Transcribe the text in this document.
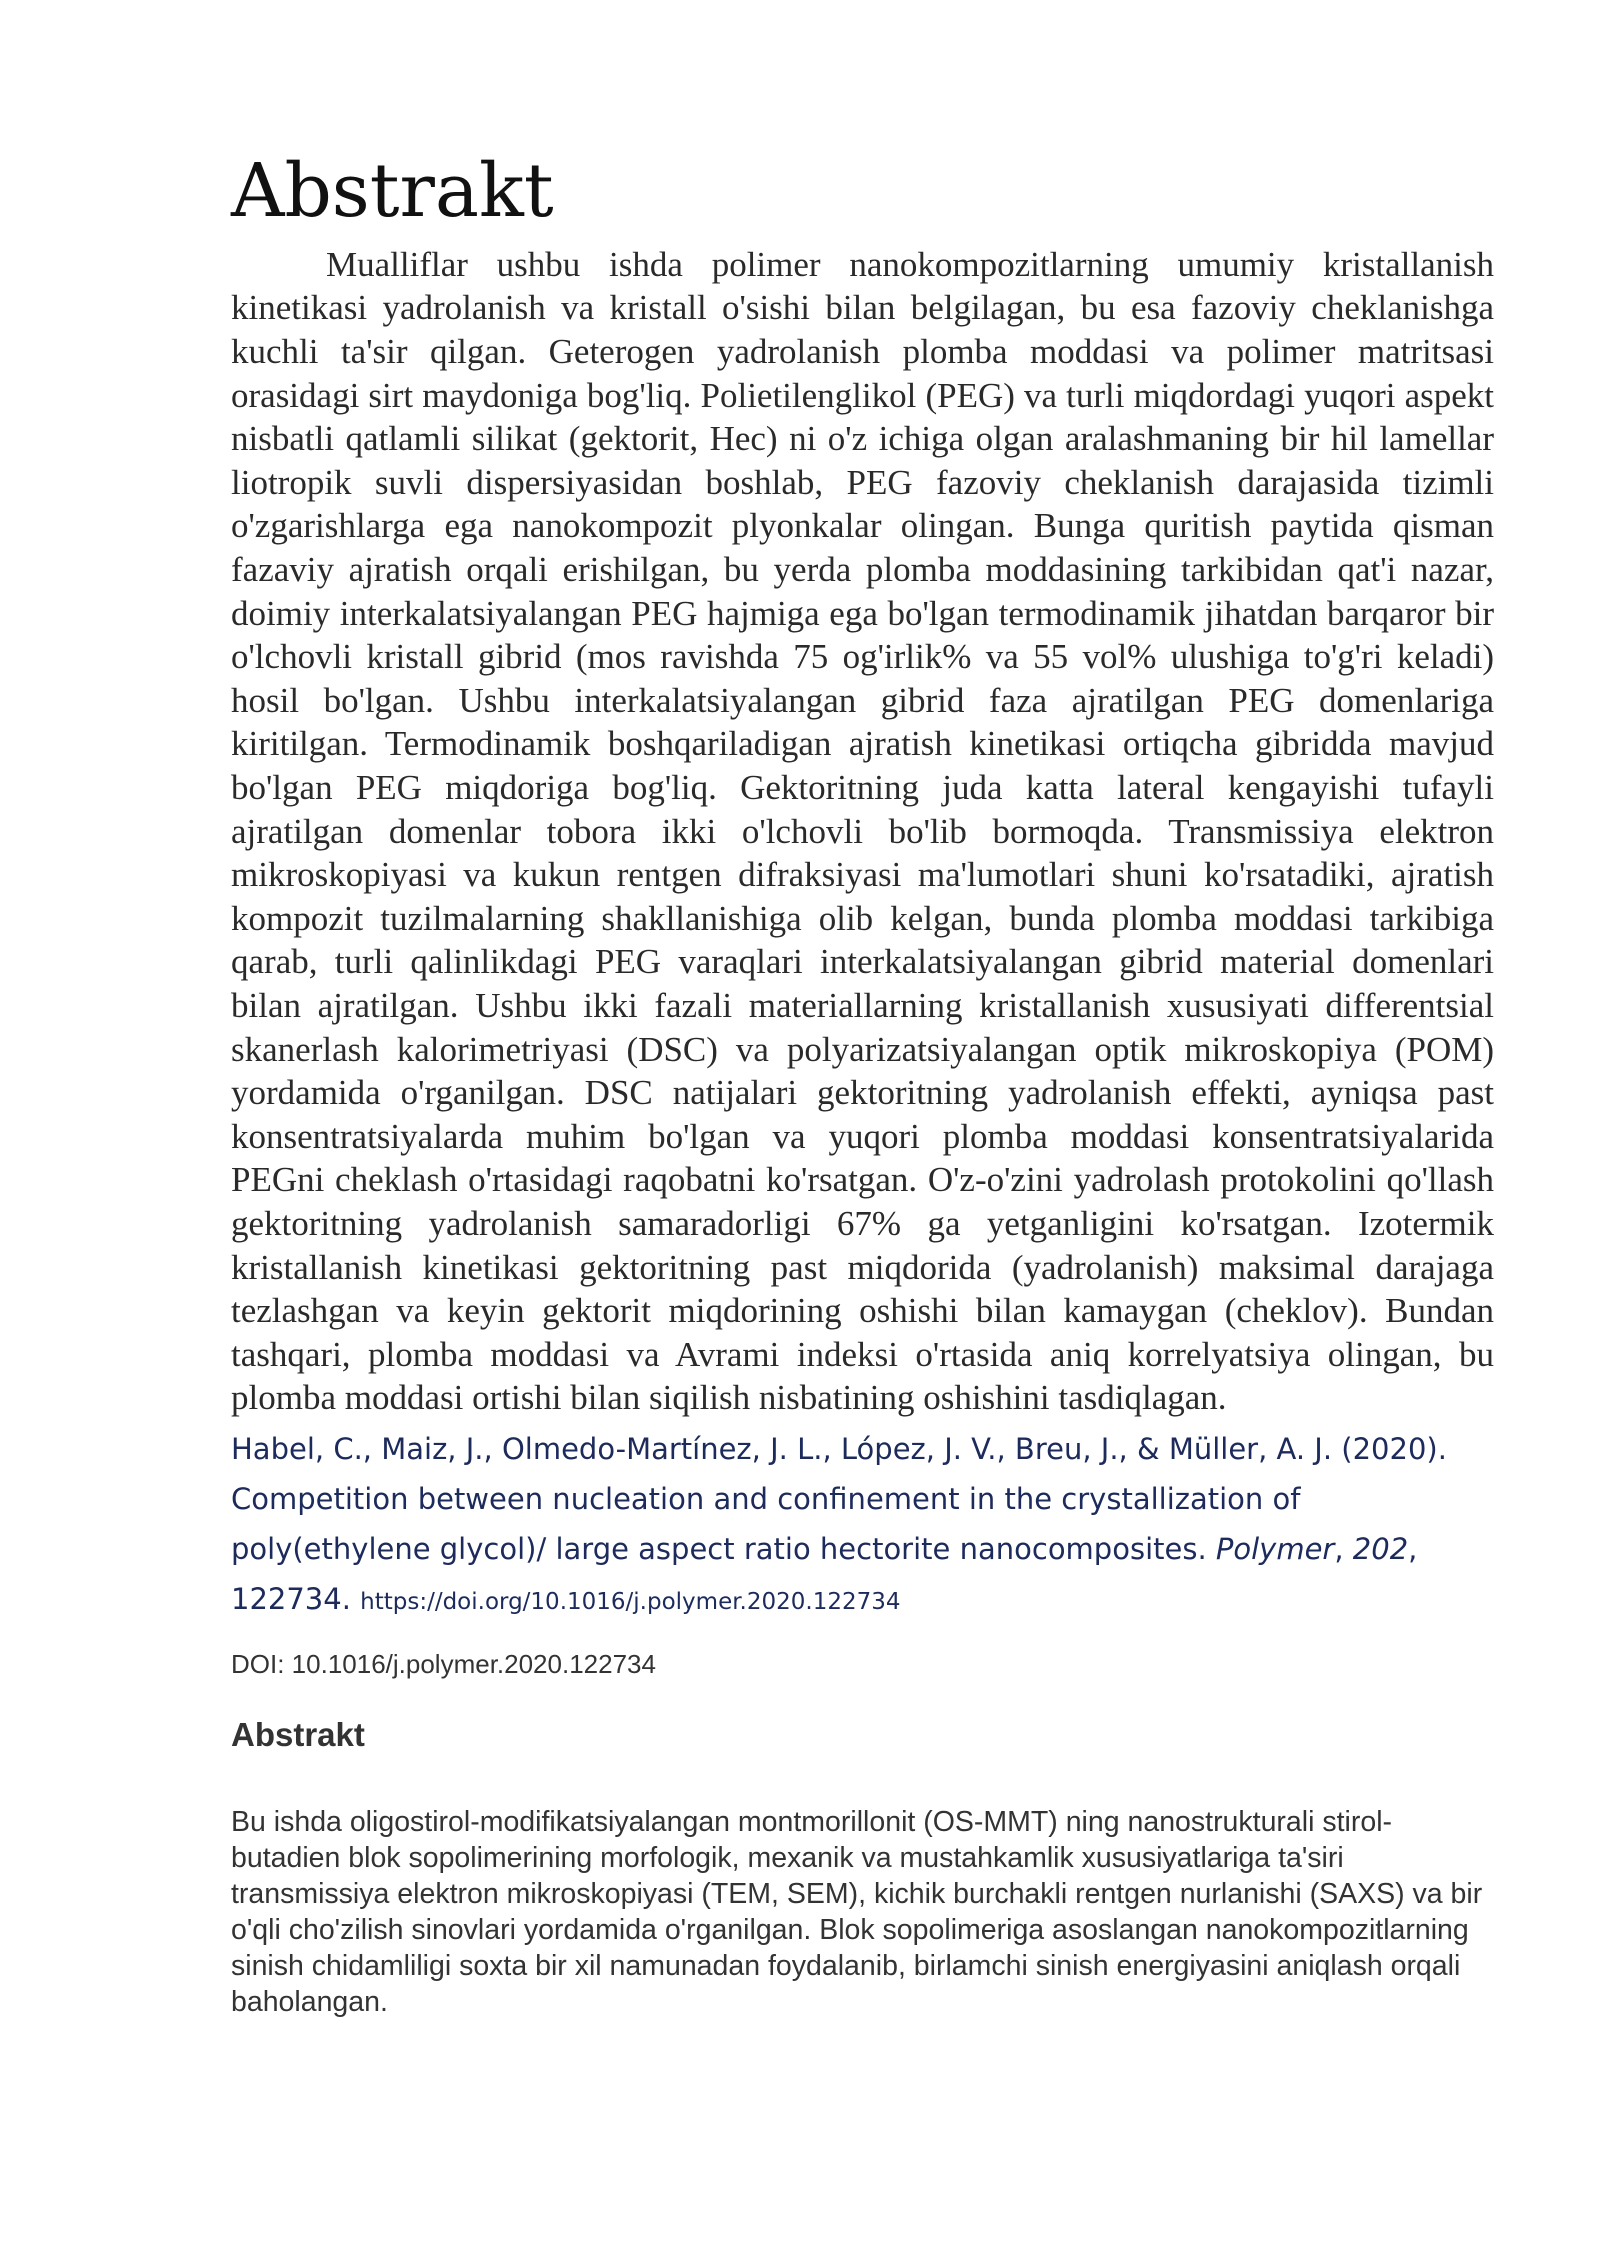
Abstrakt

Mualliflar ushbu ishda polimer nanokompozitlarning umumiy kristallanish kinetikasi yadrolanish va kristall o'sishi bilan belgilagan, bu esa fazoviy cheklanishga kuchli ta'sir qilgan. Geterogen yadrolanish plomba moddasi va polimer matritsasi orasidagi sirt maydoniga bog'liq. Polietilenglikol (PEG) va turli miqdordagi yuqori aspekt nisbatli qatlamli silikat (gektorit, Hec) ni o'z ichiga olgan aralashmaning bir hil lamellar liotropik suvli dispersiyasidan boshlab, PEG fazoviy cheklanish darajasida tizimli o'zgarishlarga ega nanokompozit plyonkalar olingan. Bunga quritish paytida qisman fazaviy ajratish orqali erishilgan, bu yerda plomba moddasining tarkibidan qat'i nazar, doimiy interkalatsiyalangan PEG hajmiga ega bo'lgan termodinamik jihatdan barqaror bir o'lchovli kristall gibrid (mos ravishda 75 og'irlik% va 55 vol% ulushiga to'g'ri keladi) hosil bo'lgan. Ushbu interkalatsiyalangan gibrid faza ajratilgan PEG domenlariga kiritilgan. Termodinamik boshqariladigan ajratish kinetikasi ortiqcha gibridda mavjud bo'lgan PEG miqdoriga bog'liq. Gektoritning juda katta lateral kengayishi tufayli ajratilgan domenlar tobora ikki o'lchovli bo'lib bormoqda. Transmissiya elektron mikroskopiyasi va kukun rentgen difraksiyasi ma'lumotlari shuni ko'rsatadiki, ajratish kompozit tuzilmalarning shakllanishiga olib kelgan, bunda plomba moddasi tarkibiga qarab, turli qalinlikdagi PEG varaqlari interkalatsiyalangan gibrid material domenlari bilan ajratilgan. Ushbu ikki fazali materiallarning kristallanish xususiyati differentsial skanerlash kalorimetriyasi (DSC) va polyarizatsiyalangan optik mikroskopiya (POM) yordamida o'rganilgan. DSC natijalari gektoritning yadrolanish effekti, ayniqsa past konsentratsiyalarda muhim bo'lgan va yuqori plomba moddasi konsentratsiyalarida PEGni cheklash o'rtasidagi raqobatni ko'rsatgan. O'z-o'zini yadrolash protokolini qo'llash gektoritning yadrolanish samaradorligi 67% ga yetganligini ko'rsatgan. Izotermik kristallanish kinetikasi gektoritning past miqdorida (yadrolanish) maksimal darajaga tezlashgan va keyin gektorit miqdorining oshishi bilan kamaygan (cheklov). Bundan tashqari, plomba moddasi va Avrami indeksi o'rtasida aniq korrelyatsiya olingan, bu plomba moddasi ortishi bilan siqilish nisbatining oshishini tasdiqlagan.

Habel, C., Maiz, J., Olmedo-Martínez, J. L., López, J. V., Breu, J., & Müller, A. J. (2020). Competition between nucleation and confinement in the crystallization of poly(ethylene glycol)/ large aspect ratio hectorite nanocomposites. Polymer, 202, 122734. https://doi.org/10.1016/j.polymer.2020.122734

DOI: 10.1016/j.polymer.2020.122734

Abstrakt

Bu ishda oligostirol-modifikatsiyalangan montmorillonit (OS-MMT) ning nanostrukturali stirol-butadien blok sopolimerining morfologik, mexanik va mustahkamlik xususiyatlariga ta'siri transmissiya elektron mikroskopiyasi (TEM, SEM), kichik burchakli rentgen nurlanishi (SAXS) va bir o'qli cho'zilish sinovlari yordamida o'rganilgan. Blok sopolimeriga asoslangan nanokompozitlarning sinish chidamliligi soxta bir xil namunadan foydalanib, birlamchi sinish energiyasini aniqlash orqali baholangan.
